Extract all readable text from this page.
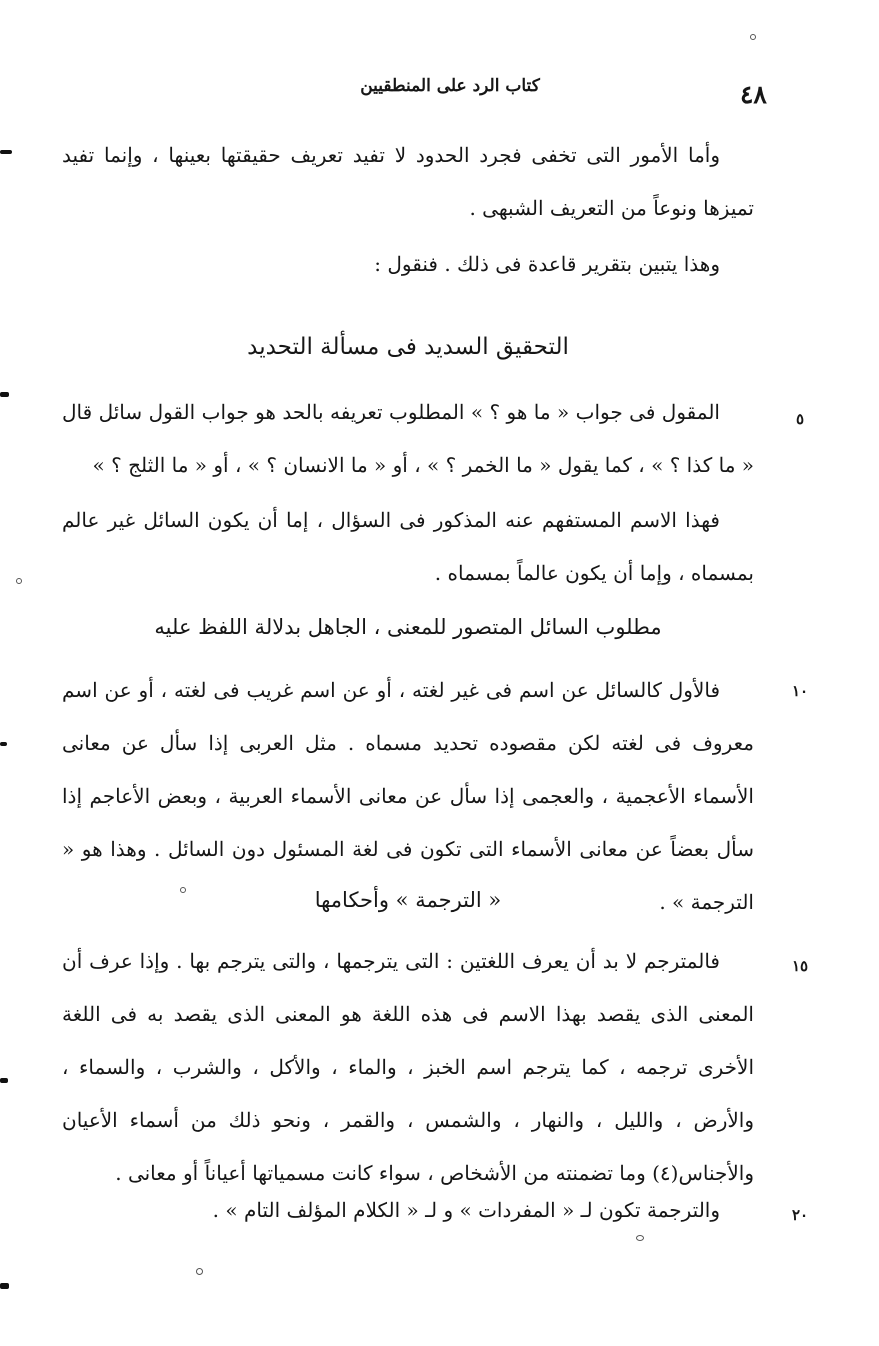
٤٨
كتاب الرد على المنطقيين

وأما الأمور التى تخفى فجرد الحدود لا تفيد تعريف حقيقتها بعينها ، وإنما تفيد تميزها ونوعاً من التعريف الشبهى .

وهذا يتبين بتقرير قاعدة فى ذلك . فنقول :

التحقيق السديد فى مسألة التحديد
٥

المقول فى جواب « ما هو ؟ » المطلوب تعريفه بالحد هو جواب القول سائل قال « ما كذا ؟ » ، كما يقول « ما الخمر ؟ » ، أو « ما الانسان ؟ » ، أو « ما الثلج ؟ »

فهذا الاسم المستفهم عنه المذكور فى السؤال ، إما أن يكون السائل غير عالم بمسماه ، وإما أن يكون عالماً بمسماه .

مطلوب السائل المتصور للمعنى ، الجاهل بدلالة اللفظ عليه
١٠

فالأول كالسائل عن اسم فى غير لغته ، أو عن اسم غريب فى لغته ، أو عن اسم معروف فى لغته لكن مقصوده تحديد مسماه . مثل العربى إذا سأل عن معانى الأسماء الأعجمية ، والعجمى إذا سأل عن معانى الأسماء العربية ، وبعض الأعاجم إذا سأل بعضاً عن معانى الأسماء التى تكون فى لغة المسئول دون السائل . وهذا هو « الترجمة » .

« الترجمة » وأحكامها
١٥

فالمترجم لا بد أن يعرف اللغتين : التى يترجمها ، والتى يترجم بها . وإذا عرف أن المعنى الذى يقصد بهذا الاسم فى هذه اللغة هو المعنى الذى يقصد به فى اللغة الأخرى ترجمه ، كما يترجم اسم الخبز ، والماء ، والأكل ، والشرب ، والسماء ، والأرض ، والليل ، والنهار ، والشمس ، والقمر ، ونحو ذلك من أسماء الأعيان والأجناس(٤) وما تضمنته من الأشخاص ، سواء كانت مسمياتها أعياناً أو معانى .

٢٠

والترجمة تكون لـ « المفردات » و لـ « الكلام المؤلف التام » .
